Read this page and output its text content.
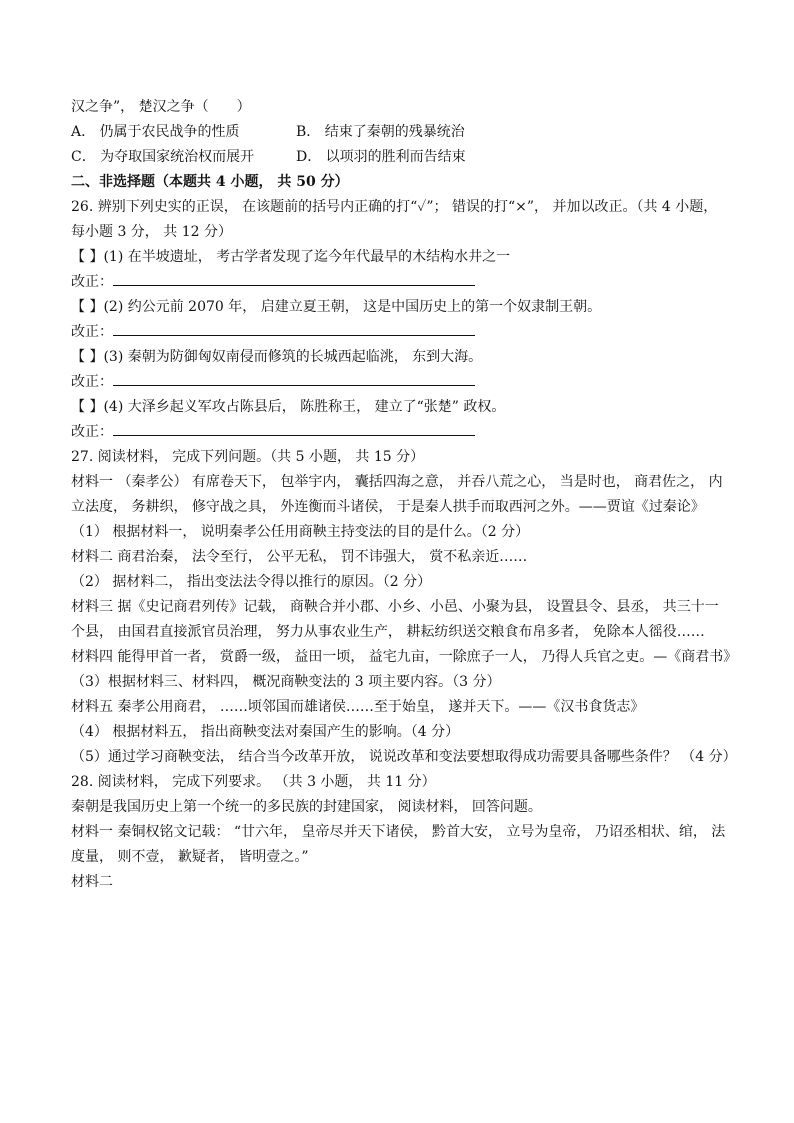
汉之争”， 楚汉之争（　　）
A． 仍属于农民战争的性质	B． 结束了秦朝的残暴统治
C． 为夺取国家统治权而展开	D． 以项羽的胜利而告结束
二、非选择题（本题共 4 小题， 共 50 分）
26. 辨别下列史实的正误， 在该题前的括号内正确的打“✓”； 错误的打“×”， 并加以改正。（共 4 小题， 每小题 3 分， 共 12 分）
【 】(1) 在半坡遗址， 考古学者发现了迄今年代最早的木结构水井之一
改正：
【 】(2) 约公元前 2070 年， 启建立夏王朝， 这是中国历史上的第一个奴隶制王朝。
改正：
【 】(3) 秦朝为防御匈奴南侵而修筑的长城西起临洮， 东到大海。
改正：
【 】(4) 大泽乡起义军攻占陈县后， 陈胜称王， 建立了“张楚” 政权。
改正：
27. 阅读材料， 完成下列问题。（共 5 小题， 共 15 分）
材料一 （秦孝公） 有席卷天下， 包举宇内， 囊括四海之意， 并吞八荒之心， 当是时也， 商君佐之， 内立法度， 务耕织， 修守战之具， 外连衡而斗诸侯， 于是秦人拱手而取西河之外。——贾谊《过秦论》
（1） 根据材料一， 说明秦孝公任用商鞅主持变法的目的是什么。（2 分）
材料二 商君治秦， 法令至行， 公平无私， 罚不讳强大， 赏不私亲近……
（2） 据材料二， 指出变法法令得以推行的原因。（2 分）
材料三 据《史记商君列传》记载， 商鞅合并小郡、小乡、小邑、小聚为县， 设置县令、县丞， 共三十一个县， 由国君直接派官员治理， 努力从事农业生产， 耕耘纺织送交粮食布帛多者， 免除本人徭役……
材料四 能得甲首一者， 赏爵一级， 益田一顷， 益宅九亩，一除庶子一人， 乃得人兵官之吏。—《商君书》
（3）根据材料三、材料四， 概况商鞅变法的 3 项主要内容。（3 分）
材料五 秦孝公用商君， ……顷邻国而雄诸侯……至于始皇， 遂并天下。——《汉书食货志》
（4） 根据材料五， 指出商鞅变法对秦国产生的影响。（4 分）
（5）通过学习商鞅变法， 结合当今改革开放， 说说改革和变法要想取得成功需要具备哪些条件？ （4 分）
28. 阅读材料， 完成下列要求。 （共 3 小题， 共 11 分）
秦朝是我国历史上第一个统一的多民族的封建国家， 阅读材料， 回答问题。
材料一 秦铜权铭文记载： “廿六年， 皇帝尽并天下诸侯， 黔首大安， 立号为皇帝， 乃诏丞相状、绾， 法度量， 则不壹， 歉疑者， 皆明壹之。”
材料二
